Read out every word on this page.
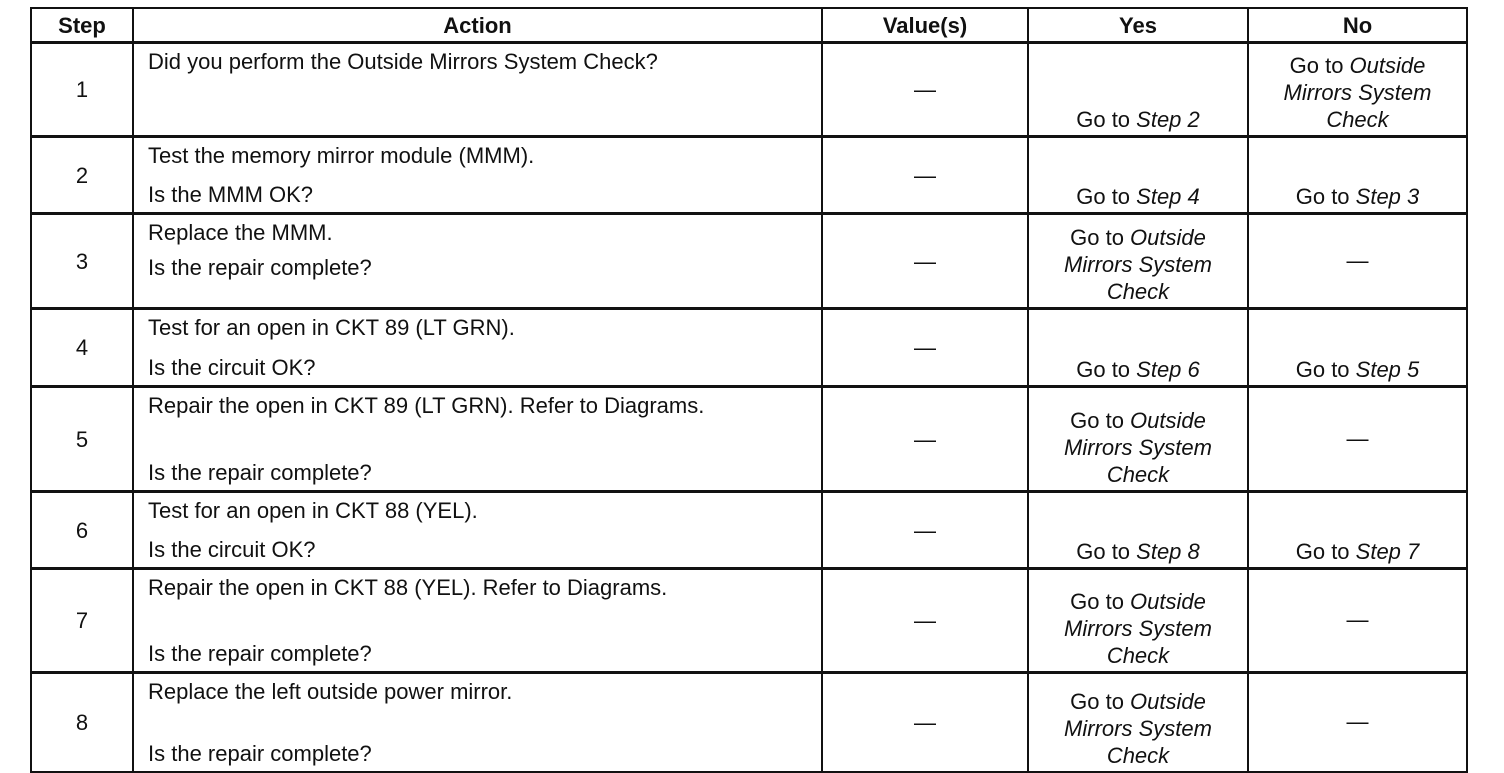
Step	Action	Value(s)	Yes	No
1	Did you perform the Outside Mirrors System Check?	—	Go to Step 2	Go to Outside Mirrors System Check

2	Test the memory mirror module (MMM).
Is the MMM OK?	—	Go to Step 4	Go to Step 3

3	Replace the MMM.
Is the repair complete?	—	Go to Outside Mirrors System Check	—

4	Test for an open in CKT 89 (LT GRN).
Is the circuit OK?	—	Go to Step 6	Go to Step 5

5	Repair the open in CKT 89 (LT GRN). Refer to Diagrams.
Is the repair complete?	—	Go to Outside Mirrors System Check	—

6	Test for an open in CKT 88 (YEL).
Is the circuit OK?	—	Go to Step 8	Go to Step 7

7	Repair the open in CKT 88 (YEL). Refer to Diagrams.
Is the repair complete?	—	Go to Outside Mirrors System Check	—

8	Replace the left outside power mirror.
Is the repair complete?	—	Go to Outside Mirrors System Check	—
